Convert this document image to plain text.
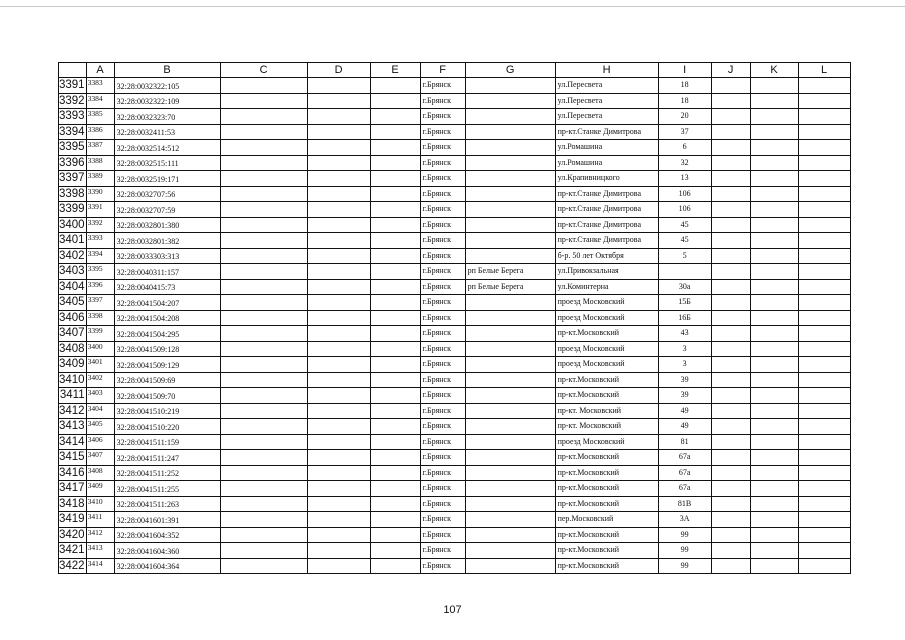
	A	B	C	D	E	F	G	H	I	J	K	L
3391	3383	32:28:0032322:105				г.Брянск		ул.Пересвета	18			
3392	3384	32:28:0032322:109				г.Брянск		ул.Пересвета	18			
3393	3385	32:28:0032323:70				г.Брянск		ул.Пересвета	20			
3394	3386	32:28:0032411:53				г.Брянск		пр-кт.Станке Димитрова	37			
3395	3387	32:28:0032514:512				г.Брянск		ул.Ромашина	6			
3396	3388	32:28:0032515:111				г.Брянск		ул.Ромашина	32			
3397	3389	32:28:0032519:171				г.Брянск		ул.Крапивницкого	13			
3398	3390	32:28:0032707:56				г.Брянск		пр-кт.Станке Димитрова	106			
3399	3391	32:28:0032707:59				г.Брянск		пр-кт.Станке Димитрова	106			
3400	3392	32:28:0032801:380				г.Брянск		пр-кт.Станке Димитрова	45			
3401	3393	32:28:0032801:382				г.Брянск		пр-кт.Станке Димитрова	45			
3402	3394	32:28:0033303:313				г.Брянск		б-р. 50 лет Октября	5			
3403	3395	32:28:0040311:157				г.Брянск	рп Белые Берега	ул.Привокзальная				
3404	3396	32:28:0040415:73				г.Брянск	рп Белые Берега	ул.Коминтерна	30а			
3405	3397	32:28:0041504:207				г.Брянск		проезд Московский	15Б			
3406	3398	32:28:0041504:208				г.Брянск		проезд Московский	16Б			
3407	3399	32:28:0041504:295				г.Брянск		пр-кт.Московский	43			
3408	3400	32:28:0041509:128				г.Брянск		проезд Московский	3			
3409	3401	32:28:0041509:129				г.Брянск		проезд Московский	3			
3410	3402	32:28:0041509:69				г.Брянск		пр-кт.Московский	39			
3411	3403	32:28:0041509:70				г.Брянск		пр-кт.Московский	39			
3412	3404	32:28:0041510:219				г.Брянск		пр-кт. Московский	49			
3413	3405	32:28:0041510:220				г.Брянск		пр-кт. Московский	49			
3414	3406	32:28:0041511:159				г.Брянск		проезд Московский	81			
3415	3407	32:28:0041511:247				г.Брянск		пр-кт.Московский	67а			
3416	3408	32:28:0041511:252				г.Брянск		пр-кт.Московский	67а			
3417	3409	32:28:0041511:255				г.Брянск		пр-кт.Московский	67а			
3418	3410	32:28:0041511:263				г.Брянск		пр-кт.Московский	81В			
3419	3411	32:28:0041601:391				г.Брянск		пер.Московский	3А			
3420	3412	32:28:0041604:352				г.Брянск		пр-кт.Московский	99			
3421	3413	32:28:0041604:360				г.Брянск		пр-кт.Московский	99			
3422	3414	32:28:0041604:364				г.Брянск		пр-кт.Московский	99			
107
